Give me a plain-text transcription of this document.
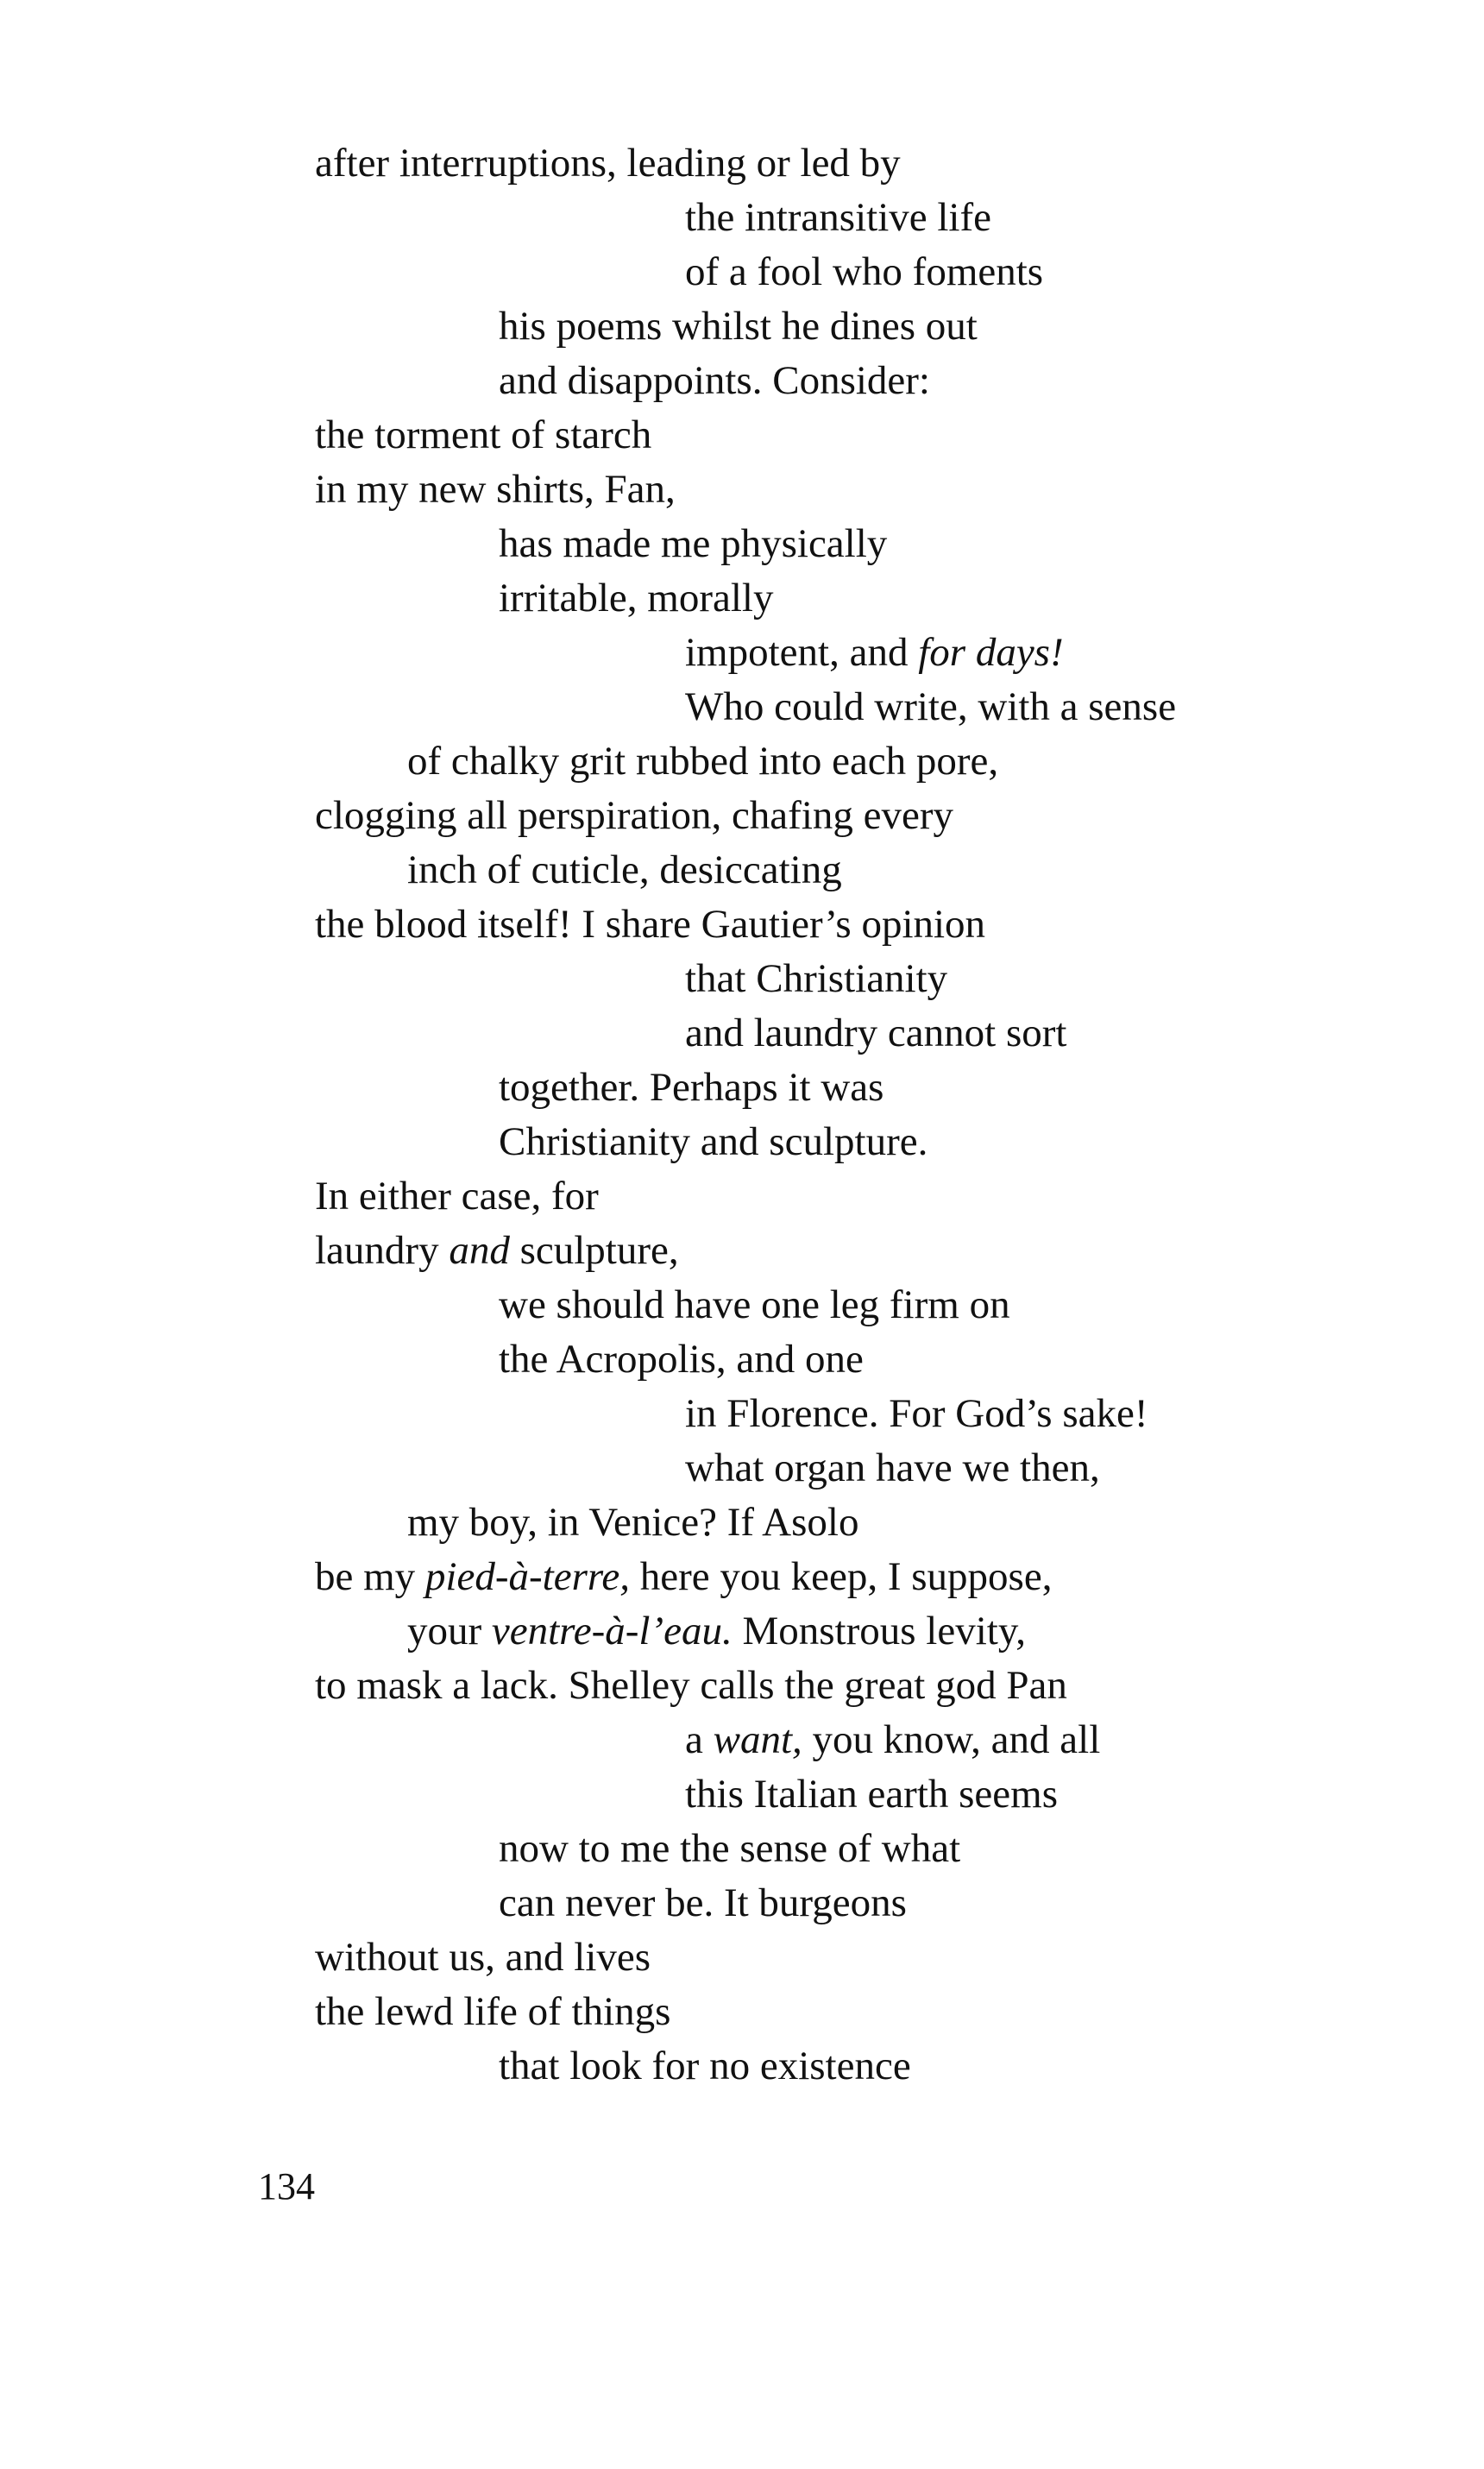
after interruptions, leading or led by
the intransitive life
of a fool who foments
his poems whilst he dines out
and disappoints. Consider:
the torment of starch
in my new shirts, Fan,
has made me physically
irritable, morally
impotent, and for days!
Who could write, with a sense
of chalky grit rubbed into each pore,
clogging all perspiration, chafing every
inch of cuticle, desiccating
the blood itself! I share Gautier’s opinion
that Christianity
and laundry cannot sort
together. Perhaps it was
Christianity and sculpture.
In either case, for
laundry and sculpture,
we should have one leg firm on
the Acropolis, and one
in Florence. For God’s sake!
what organ have we then,
my boy, in Venice? If Asolo
be my pied-à-terre, here you keep, I suppose,
your ventre-à-l’eau. Monstrous levity,
to mask a lack. Shelley calls the great god Pan
a want, you know, and all
this Italian earth seems
now to me the sense of what
can never be. It burgeons
without us, and lives
the lewd life of things
that look for no existence
134
